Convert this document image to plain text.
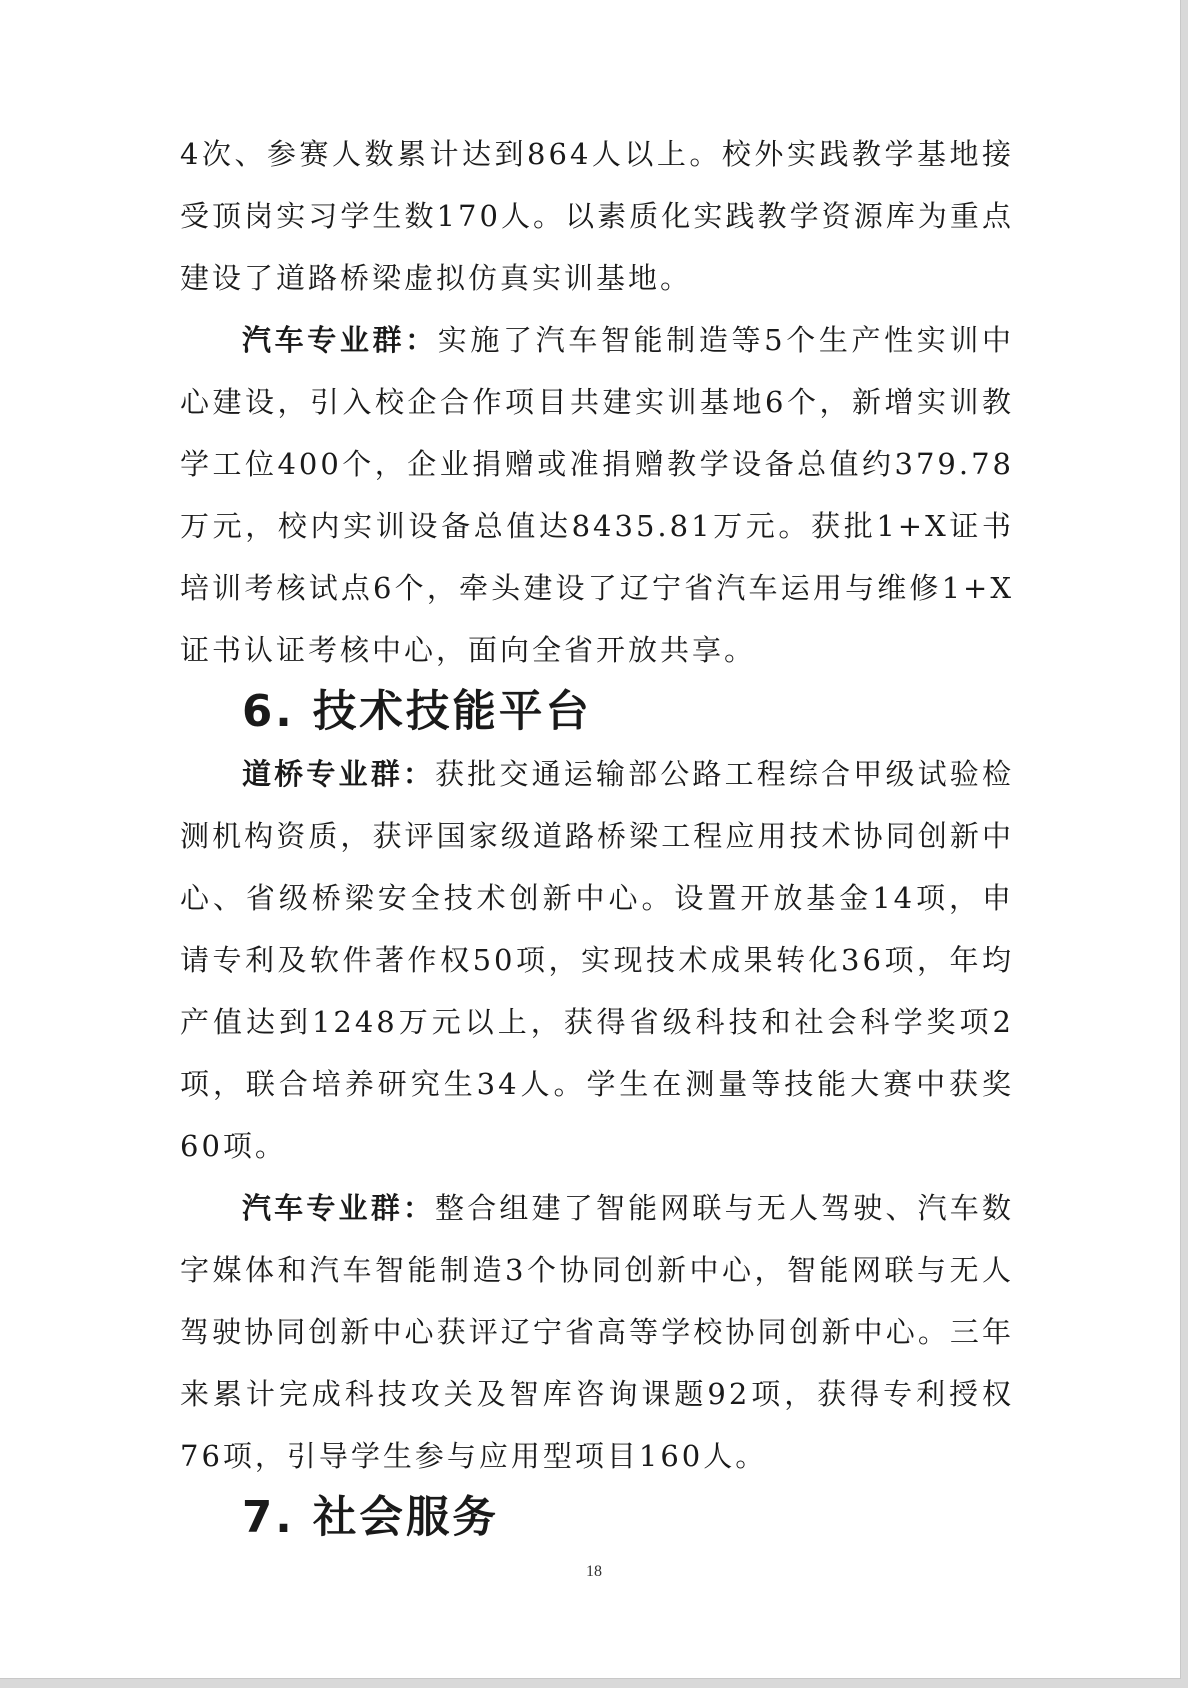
4次、参赛人数累计达到864人以上。校外实践教学基地接受顶岗实习学生数170人。以素质化实践教学资源库为重点建设了道路桥梁虚拟仿真实训基地。

汽车专业群：实施了汽车智能制造等5个生产性实训中心建设，引入校企合作项目共建实训基地6个，新增实训教学工位400个，企业捐赠或准捐赠教学设备总值约379.78万元，校内实训设备总值达8435.81万元。获批1+X证书培训考核试点6个，牵头建设了辽宁省汽车运用与维修1+X证书认证考核中心，面向全省开放共享。

6. 技术技能平台

道桥专业群：获批交通运输部公路工程综合甲级试验检测机构资质，获评国家级道路桥梁工程应用技术协同创新中心、省级桥梁安全技术创新中心。设置开放基金14项，申请专利及软件著作权50项，实现技术成果转化36项，年均产值达到1248万元以上，获得省级科技和社会科学奖项2项，联合培养研究生34人。学生在测量等技能大赛中获奖60项。

汽车专业群：整合组建了智能网联与无人驾驶、汽车数字媒体和汽车智能制造3个协同创新中心，智能网联与无人驾驶协同创新中心获评辽宁省高等学校协同创新中心。三年来累计完成科技攻关及智库咨询课题92项，获得专利授权76项，引导学生参与应用型项目160人。

7. 社会服务
18
